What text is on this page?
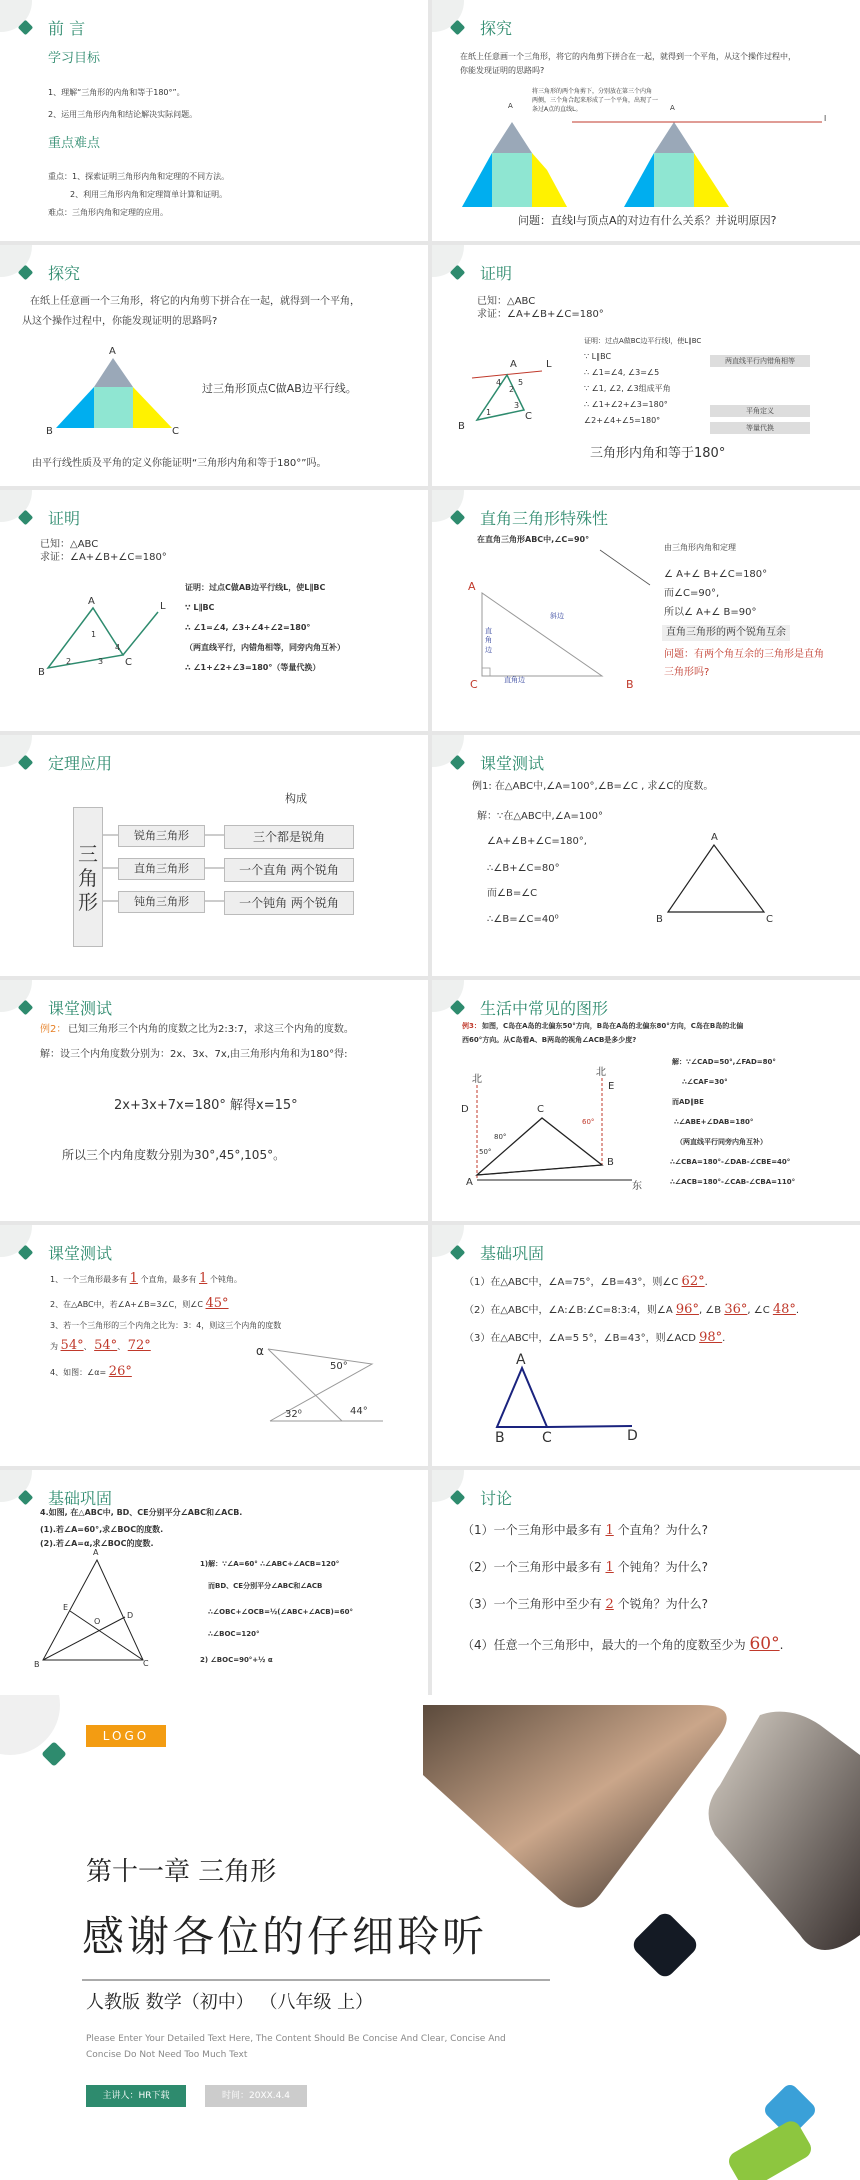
前 言
学习目标
1、理解“三角形的内角和等于180°”。
2、运用三角形内角和结论解决实际问题。
重点难点
重点：1、探索证明三角形内角和定理的不同方法。
2、利用三角形内角和定理简单计算和证明。
难点：三角形内角和定理的应用。
探究
在纸上任意画一个三角形，将它的内角剪下拼合在一起，就得到一个平角，从这个操作过程中，
你能发现证明的思路吗?
将三角形的两个角剪下，分别放在第三个内角
两侧，三个角合起来形成了一个平角，出现了一
条过A点的直线L。
A	A
l
问题：直线l与顶点A的对边有什么关系？并说明原因?
探究
在纸上任意画一个三角形，将它的内角剪下拼合在一起，就得到一个平角，
从这个操作过程中，你能发现证明的思路吗?
A
B	C
过三角形顶点C做AB边平行线。
由平行线性质及平角的定义你能证明“三角形内角和等于180°”吗。
证明
已知：△ABC
求证：∠A+∠B+∠C=180°
A
B
C
L
2
4 5
1
3
证明：过点A做BC边平行线l，使L∥BC
∵ L∥BC
∴ ∠1=∠4, ∠3=∠5
∵ ∠1, ∠2, ∠3组成平角
∴ ∠1+∠2+∠3=180°
∠2+∠4+∠5=180°
两直线平行内错角相等
平角定义
等量代换
三角形内角和等于180°
证明
已知：△ABC
求证：∠A+∠B+∠C=180°
A
B
C
L
1
2	3
4
证明：过点C做AB边平行线L，使L∥BC
∵ L∥BC
∴ ∠1=∠4, ∠3+∠4+∠2=180°
（两直线平行，内错角相等，同旁内角互补）
∴ ∠1+∠2+∠3=180°（等量代换）
直角三角形特殊性
在直角三角形ABC中,∠C=90°
A
C	B
斜边
直角边
直角边
由三角形内角和定理
∠ A+∠ B+∠C=180°
而∠C=90°,
所以∠ A+∠ B=90°
直角三角形的两个锐角互余
问题：有两个角互余的三角形是直角
三角形吗?
定理应用
构成
三角形
锐角三角形
直角三角形
钝角三角形
三个都是锐角
一个直角 两个锐角
一个钝角 两个锐角
课堂测试
例1: 在△ABC中,∠A=100°,∠B=∠C , 求∠C的度数。
解：∵在△ABC中,∠A=100°
∠A+∠B+∠C=180°,
∴∠B+∠C=80°
而∠B=∠C
∴∠B=∠C=40⁰
A
B	C
课堂测试
例2： 已知三角形三个内角的度数之比为2:3:7，求这三个内角的度数。
解：设三个内角度数分别为：2x、3x、7x,由三角形内角和为180°得:
2x+3x+7x=180° 解得x=15°
所以三个内角度数分别为30°,45°,105°。
生活中常见的图形
例3： 如图，C岛在A岛的北偏东50°方向，B岛在A岛的北偏东80°方向，C岛在B岛的北偏
西60°方向。从C岛看A、B两岛的视角∠ACB是多少度?
北
北
D
E
C
A
B
东
80°
50°
60°
解：∵∠CAD=50°,∠FAD=80°
∴∠CAF=30°
而AD∥BE
∴∠ABE+∠DAB=180°
（两直线平行同旁内角互补）
∴∠CBA=180°-∠DAB-∠CBE=40°
∴∠ACB=180°-∠CAB-∠CBA=110°
课堂测试
1、一个三角形最多有 1 个直角，最多有 1 个钝角。
2、在△ABC中，若∠A+∠B=3∠C，则∠C 45°
3、若一个三角形的三个内角之比为：3：4，则这三个内角的度数
为 54°、 54°、 72°
4、如图：∠α= 26°
α
50°
32⁰	44°
基础巩固
（1）在△ABC中，∠A=75°，∠B=43°，则∠C 62°.
（2）在△ABC中，∠A:∠B:∠C=8:3:4，则∠A 96°, ∠B 36°, ∠C 48°.
（3）在△ABC中，∠A=5 5°，∠B=43°，则∠ACD 98°.
A
B	C	D
基础巩固
4.如图, 在△ABC中, BD、CE分别平分∠ABC和∠ACB.
(1).若∠A=60°,求∠BOC的度数.
(2).若∠A=α,求∠BOC的度数.
A
B	C
D
E
O
1)解：∵∠A=60° ∴∠ABC+∠ACB=120°
而BD、CE分别平分∠ABC和∠ACB
∴∠OBC+∠OCB=½(∠ABC+∠ACB)=60°
∴∠BOC=120°
2) ∠BOC=90°+½ α
讨论
（1）一个三角形中最多有 1 个直角？为什么?
（2）一个三角形中最多有 1 个钝角？为什么?
（3）一个三角形中至少有 2 个锐角？为什么?
（4）任意一个三角形中，最大的一个角的度数至少为 60°.
LOGO
第十一章 三角形
感谢各位的仔细聆听
人教版 数学（初中） （八年级 上）
Please Enter Your Detailed Text Here, The Content Should Be Concise And Clear, Concise And
Concise Do Not Need Too Much Text
主讲人：HR下载	时间：20XX.4.4
